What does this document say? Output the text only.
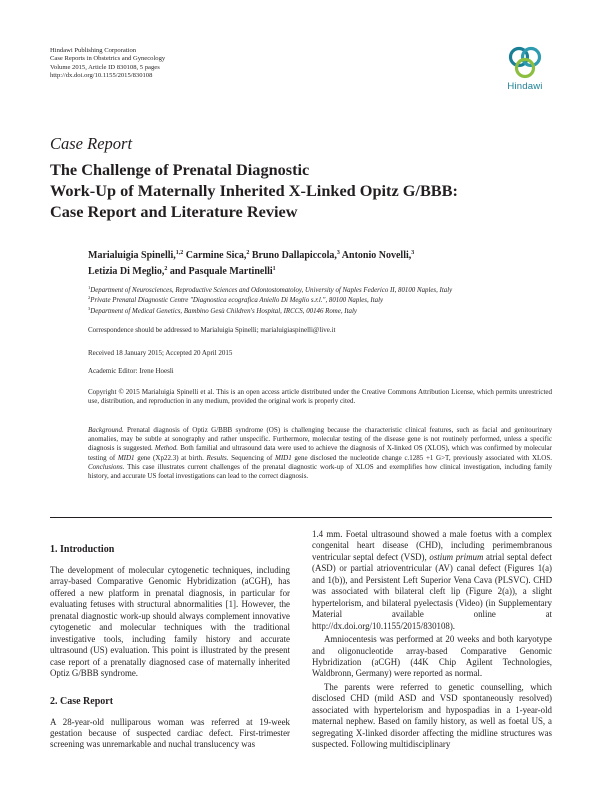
Hindawi Publishing Corporation
Case Reports in Obstetrics and Gynecology
Volume 2015, Article ID 830108, 5 pages
http://dx.doi.org/10.1155/2015/830108
Hindawi
Case Report
The Challenge of Prenatal Diagnostic
Work-Up of Maternally Inherited X-Linked Opitz G/BBB:
Case Report and Literature Review
Marialuigia Spinelli,$^{1,2}$ Carmine Sica,$^2$ Bruno Dallapiccola,$^3$ Antonio Novelli,$^3$
Letizia Di Meglio,$^2$ and Pasquale Martinelli$^1$
$^1$Department of Neurosciences, Reproductive Sciences and Odontostomatoloy, University of Naples Federico II, 80100 Naples, Italy
$^2$Private Prenatal Diagnostic Centre "Diagnostica ecografica Aniello Di Meglio s.r.l.", 80100 Naples, Italy
$^3$Department of Medical Genetics, Bambino Gesù Children's Hospital, IRCCS, 00146 Rome, Italy
Correspondence should be addressed to Marialuigia Spinelli; marialuigiaspinelli@live.it
Received 18 January 2015; Accepted 20 April 2015
Academic Editor: Irene Hoesli
Copyright © 2015 Marialuigia Spinelli et al. This is an open access article distributed under the Creative Commons Attribution License, which permits unrestricted use, distribution, and reproduction in any medium, provided the original work is properly cited.
Background. Prenatal diagnosis of Optiz G/BBB syndrome (OS) is challenging because the characteristic clinical features, such as facial and genitourinary anomalies, may be subtle at sonography and rather unspecific. Furthermore, molecular testing of the disease gene is not routinely performed, unless a specific diagnosis is suggested. Method. Both familial and ultrasound data were used to achieve the diagnosis of X-linked OS (XLOS), which was confirmed by molecular testing of MID1 gene (Xp22.3) at birth. Results. Sequencing of MID1 gene disclosed the nucleotide change c.1285 +1 G>T, previously associated with XLOS. Conclusions. This case illustrates current challenges of the prenatal diagnostic work-up of XLOS and exemplifies how clinical investigation, including family history, and accurate US foetal investigations can lead to the correct diagnosis.
1. Introduction

The development of molecular cytogenetic techniques, including array-based Comparative Genomic Hybridization (aCGH), has offered a new platform in prenatal diagnosis, in particular for evaluating fetuses with structural abnormalities [1]. However, the prenatal diagnostic work-up should always complement innovative cytogenetic and molecular techniques with the traditional investigative tools, including family history and accurate ultrasound (US) evaluation. This point is illustrated by the present case report of a prenatally diagnosed case of maternally inherited Optiz G/BBB syndrome.

2. Case Report

A 28-year-old nulliparous woman was referred at 19-week gestation because of suspected cardiac defect. First-trimester screening was unremarkable and nuchal translucency was

1.4 mm. Foetal ultrasound showed a male foetus with a complex congenital heart disease (CHD), including perimembranous ventricular septal defect (VSD), ostium primum atrial septal defect (ASD) or partial atrioventricular (AV) canal defect (Figures 1(a) and 1(b)), and Persistent Left Superior Vena Cava (PLSVC). CHD was associated with bilateral cleft lip (Figure 2(a)), a slight hypertelorism, and bilateral pyelectasis (Video) (in Supplementary Material available online at http://dx.doi.org/10.1155/2015/830108).

Amniocentesis was performed at 20 weeks and both karyotype and oligonucleotide array-based Comparative Genomic Hybridization (aCGH) (44K Chip Agilent Technologies, Waldbronn, Germany) were reported as normal.

The parents were referred to genetic counselling, which disclosed CHD (mild ASD and VSD spontaneously resolved) associated with hypertelorism and hypospadias in a 1-year-old maternal nephew. Based on family history, as well as foetal US, a segregating X-linked disorder affecting the midline structures was suspected. Following multidisciplinary
